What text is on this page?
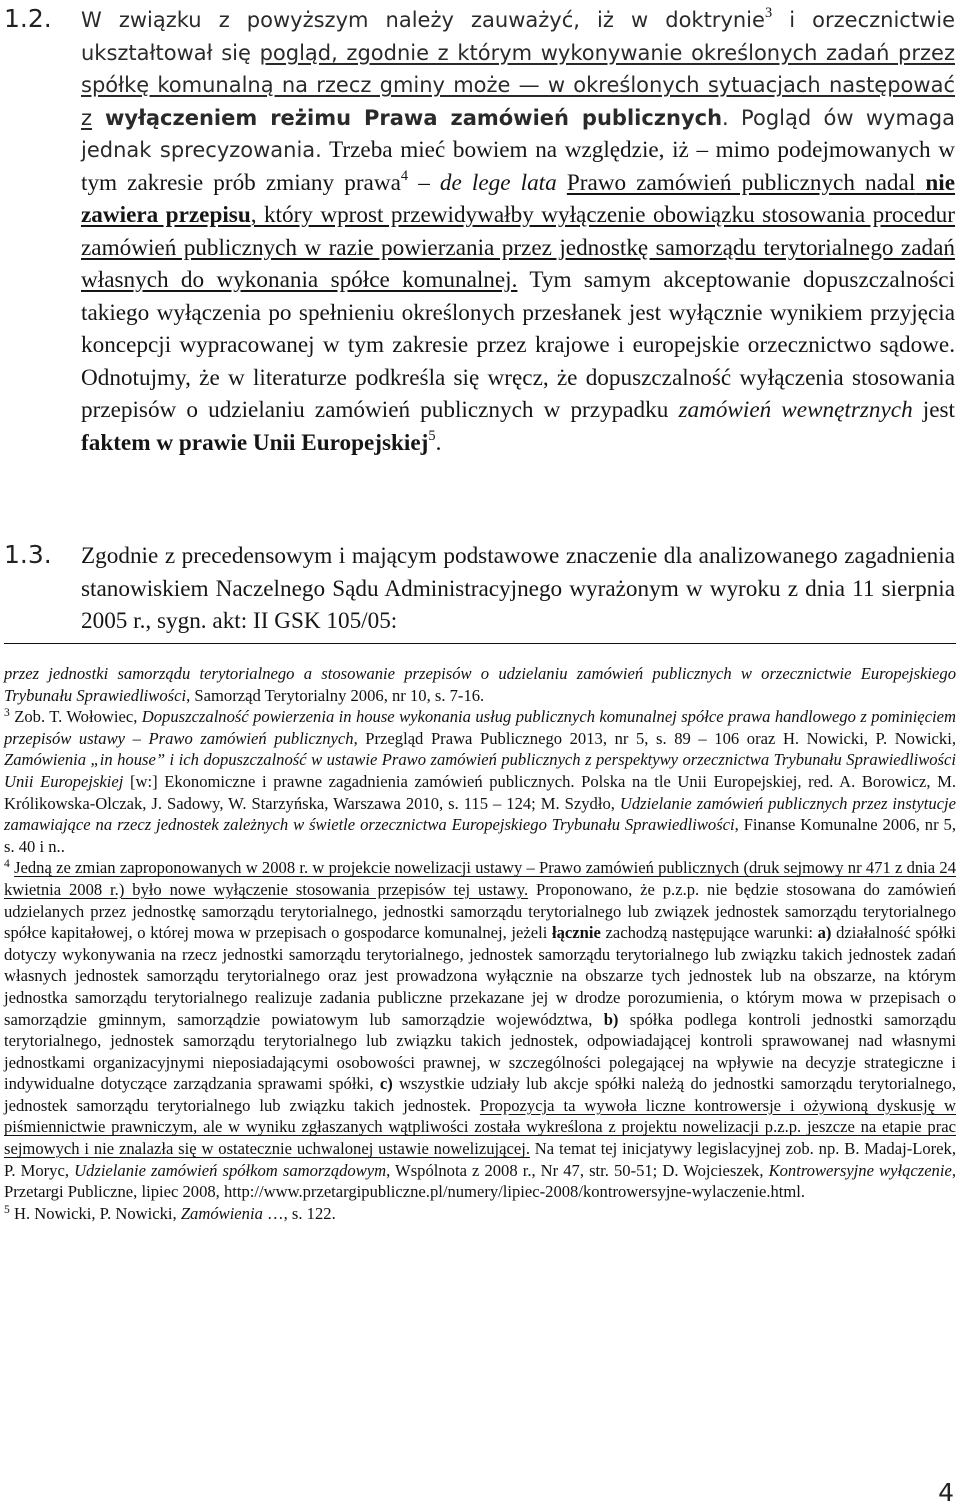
1.2. W związku z powyższym należy zauważyć, iż w doktrynie$^3$ i orzecznictwie ukształtował się pogląd, zgodnie z którym wykonywanie określonych zadań przez spółkę komunalną na rzecz gminy może — w określonych sytuacjach następować z wyłączeniem reżimu Prawa zamówień publicznych. Pogląd ów wymaga jednak sprecyzowania. Trzeba mieć bowiem na względzie, iż – mimo podejmowanych w tym zakresie prób zmiany prawa$^4$ – de lege lata Prawo zamówień publicznych nadal nie zawiera przepisu, który wprost przewidywałby wyłączenie obowiązku stosowania procedur zamówień publicznych w razie powierzania przez jednostkę samorządu terytorialnego zadań własnych do wykonania spółce komunalnej. Tym samym akceptowanie dopuszczalności takiego wyłączenia po spełnieniu określonych przesłanek jest wyłącznie wynikiem przyjęcia koncepcji wypracowanej w tym zakresie przez krajowe i europejskie orzecznictwo sądowe. Odnotujmy, że w literaturze podkreśla się wręcz, że dopuszczalność wyłączenia stosowania przepisów o udzielaniu zamówień publicznych w przypadku zamówień wewnętrznych jest faktem w prawie Unii Europejskiej$^5$.
1.3. Zgodnie z precedensowym i mającym podstawowe znaczenie dla analizowanego zagadnienia stanowiskiem Naczelnego Sądu Administracyjnego wyrażonym w wyroku z dnia 11 sierpnia 2005 r., sygn. akt: II GSK 105/05:

przez jednostki samorządu terytorialnego a stosowanie przepisów o udzielaniu zamówień publicznych w orzecznictwie Europejskiego Trybunału Sprawiedliwości, Samorząd Terytorialny 2006, nr 10, s. 7-16.

$^3$ Zob. T. Wołowiec, Dopuszczalność powierzenia in house wykonania usług publicznych komunalnej spółce prawa handlowego z pominięciem przepisów ustawy – Prawo zamówień publicznych, Przegląd Prawa Publicznego 2013, nr 5, s. 89 – 106 oraz H. Nowicki, P. Nowicki, Zamówienia „in house” i ich dopuszczalność w ustawie Prawo zamówień publicznych z perspektywy orzecznictwa Trybunału Sprawiedliwości Unii Europejskiej [w:] Ekonomiczne i prawne zagadnienia zamówień publicznych. Polska na tle Unii Europejskiej, red. A. Borowicz, M. Królikowska-Olczak, J. Sadowy, W. Starzyńska, Warszawa 2010, s. 115 – 124; M. Szydło, Udzielanie zamówień publicznych przez instytucje zamawiające na rzecz jednostek zależnych w świetle orzecznictwa Europejskiego Trybunału Sprawiedliwości, Finanse Komunalne 2006, nr 5, s. 40 i n..

$^4$ Jedną ze zmian zaproponowanych w 2008 r. w projekcie nowelizacji ustawy – Prawo zamówień publicznych (druk sejmowy nr 471 z dnia 24 kwietnia 2008 r.) było nowe wyłączenie stosowania przepisów tej ustawy. Proponowano, że p.z.p. nie będzie stosowana do zamówień udzielanych przez jednostkę samorządu terytorialnego, jednostki samorządu terytorialnego lub związek jednostek samorządu terytorialnego spółce kapitałowej, o której mowa w przepisach o gospodarce komunalnej, jeżeli łącznie zachodzą następujące warunki: a) działalność spółki dotyczy wykonywania na rzecz jednostki samorządu terytorialnego, jednostek samorządu terytorialnego lub związku takich jednostek zadań własnych jednostek samorządu terytorialnego oraz jest prowadzona wyłącznie na obszarze tych jednostek lub na obszarze, na którym jednostka samorządu terytorialnego realizuje zadania publiczne przekazane jej w drodze porozumienia, o którym mowa w przepisach o samorządzie gminnym, samorządzie powiatowym lub samorządzie województwa, b) spółka podlega kontroli jednostki samorządu terytorialnego, jednostek samorządu terytorialnego lub związku takich jednostek, odpowiadającej kontroli sprawowanej nad własnymi jednostkami organizacyjnymi nieposiadającymi osobowości prawnej, w szczególności polegającej na wpływie na decyzje strategiczne i indywidualne dotyczące zarządzania sprawami spółki, c) wszystkie udziały lub akcje spółki należą do jednostki samorządu terytorialnego, jednostek samorządu terytorialnego lub związku takich jednostek. Propozycja ta wywoła liczne kontrowersje i ożywioną dyskusję w piśmiennictwie prawniczym, ale w wyniku zgłaszanych wątpliwości została wykreślona z projektu nowelizacji p.z.p. jeszcze na etapie prac sejmowych i nie znalazła się w ostatecznie uchwalonej ustawie nowelizującej. Na temat tej inicjatywy legislacyjnej zob. np. B. Madaj-Lorek, P. Moryc, Udzielanie zamówień spółkom samorządowym, Wspólnota z 2008 r., Nr 47, str. 50-51; D. Wojcieszek, Kontrowersyjne wyłączenie, Przetargi Publiczne, lipiec 2008, http://www.przetargipubliczne.pl/numery/lipiec-2008/kontrowersyjne-wylaczenie.html.

$^5$ H. Nowicki, P. Nowicki, Zamówienia …, s. 122.

4
